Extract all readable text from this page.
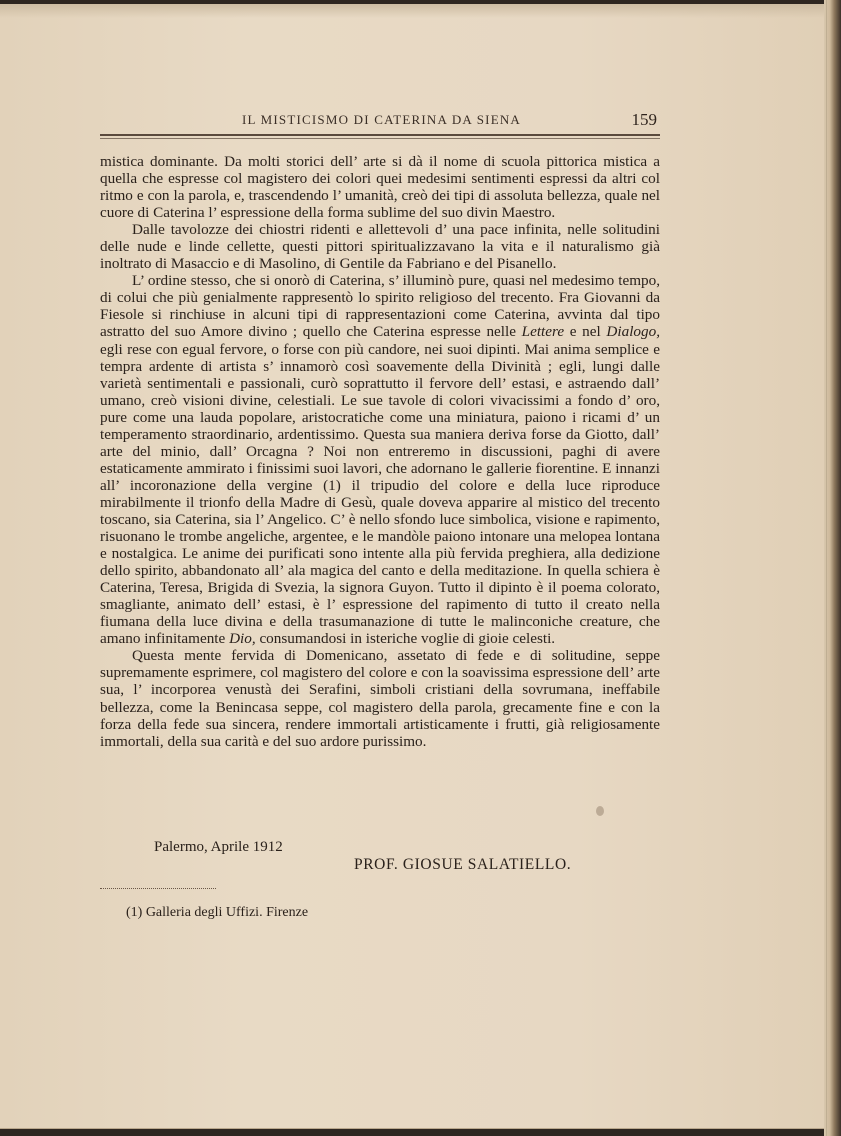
IL MISTICISMO DI CATERINA DA SIENA	159

mistica dominante. Da molti storici dell’ arte si dà il nome di scuola pittorica mistica a quella che espresse col magistero dei colori quei medesimi sentimenti espressi da altri col ritmo e con la parola, e, trascendendo l’ umanità, creò dei tipi di assoluta bellezza, quale nel cuore di Caterina l’ espressione della forma sublime del suo divin Maestro.

Dalle tavolozze dei chiostri ridenti e allettevoli d’ una pace infinita, nelle solitudini delle nude e linde cellette, questi pittori spiritualizzavano la vita e il naturalismo già inoltrato di Masaccio e di Masolino, di Gentile da Fabriano e del Pisanello.

L’ ordine stesso, che si onorò di Caterina, s’ illuminò pure, quasi nel medesimo tempo, di colui che più genialmente rappresentò lo spirito religioso del trecento. Fra Giovanni da Fiesole si rinchiuse in alcuni tipi di rappresentazioni come Caterina, avvinta dal tipo astratto del suo Amore divino ; quello che Caterina espresse nelle Lettere e nel Dialogo, egli rese con egual fervore, o forse con più candore, nei suoi dipinti. Mai anima semplice e tempra ardente di artista s’ innamorò così soavemente della Divinità ; egli, lungi dalle varietà sentimentali e passionali, curò soprattutto il fervore dell’ estasi, e astraendo dall’ umano, creò visioni divine, celestiali. Le sue tavole di colori vivacissimi a fondo d’ oro, pure come una lauda popolare, aristocratiche come una miniatura, paiono i ricami d’ un temperamento straordinario, ardentissimo. Questa sua maniera deriva forse da Giotto, dall’ arte del minio, dall’ Orcagna ? Noi non entreremo in discussioni, paghi di avere estaticamente ammirato i finissimi suoi lavori, che adornano le gallerie fiorentine. E innanzi all’ incoronazione della vergine (1) il tripudio del colore e della luce riproduce mirabilmente il trionfo della Madre di Gesù, quale doveva apparire al mistico del trecento toscano, sia Caterina, sia l’ Angelico. C’ è nello sfondo luce simbolica, visione e rapimento, risuonano le trombe angeliche, argentee, e le mandòle paiono intonare una melopea lontana e nostalgica. Le anime dei purificati sono intente alla più fervida preghiera, alla dedizione dello spirito, abbandonato all’ ala magica del canto e della meditazione. In quella schiera è Caterina, Teresa, Brigida di Svezia, la signora Guyon. Tutto il dipinto è il poema colorato, smagliante, animato dell’ estasi, è l’ espressione del rapimento di tutto il creato nella fiumana della luce divina e della trasumanazione di tutte le malinconiche creature, che amano infinitamente Dio, consumandosi in isteriche voglie di gioie celesti.

Questa mente fervida di Domenicano, assetato di fede e di solitudine, seppe supremamente esprimere, col magistero del colore e con la soavissima espressione dell’ arte sua, l’ incorporea venustà dei Serafini, simboli cristiani della sovrumana, ineffabile bellezza, come la Benincasa seppe, col magistero della parola, grecamente fine e con la forza della fede sua sincera, rendere immortali artisticamente i frutti, già religiosamente immortali, della sua carità e del suo ardore purissimo.

Palermo, Aprile 1912
PROF. GIOSUE SALATIELLO.
(1) Galleria degli Uffizi. Firenze
